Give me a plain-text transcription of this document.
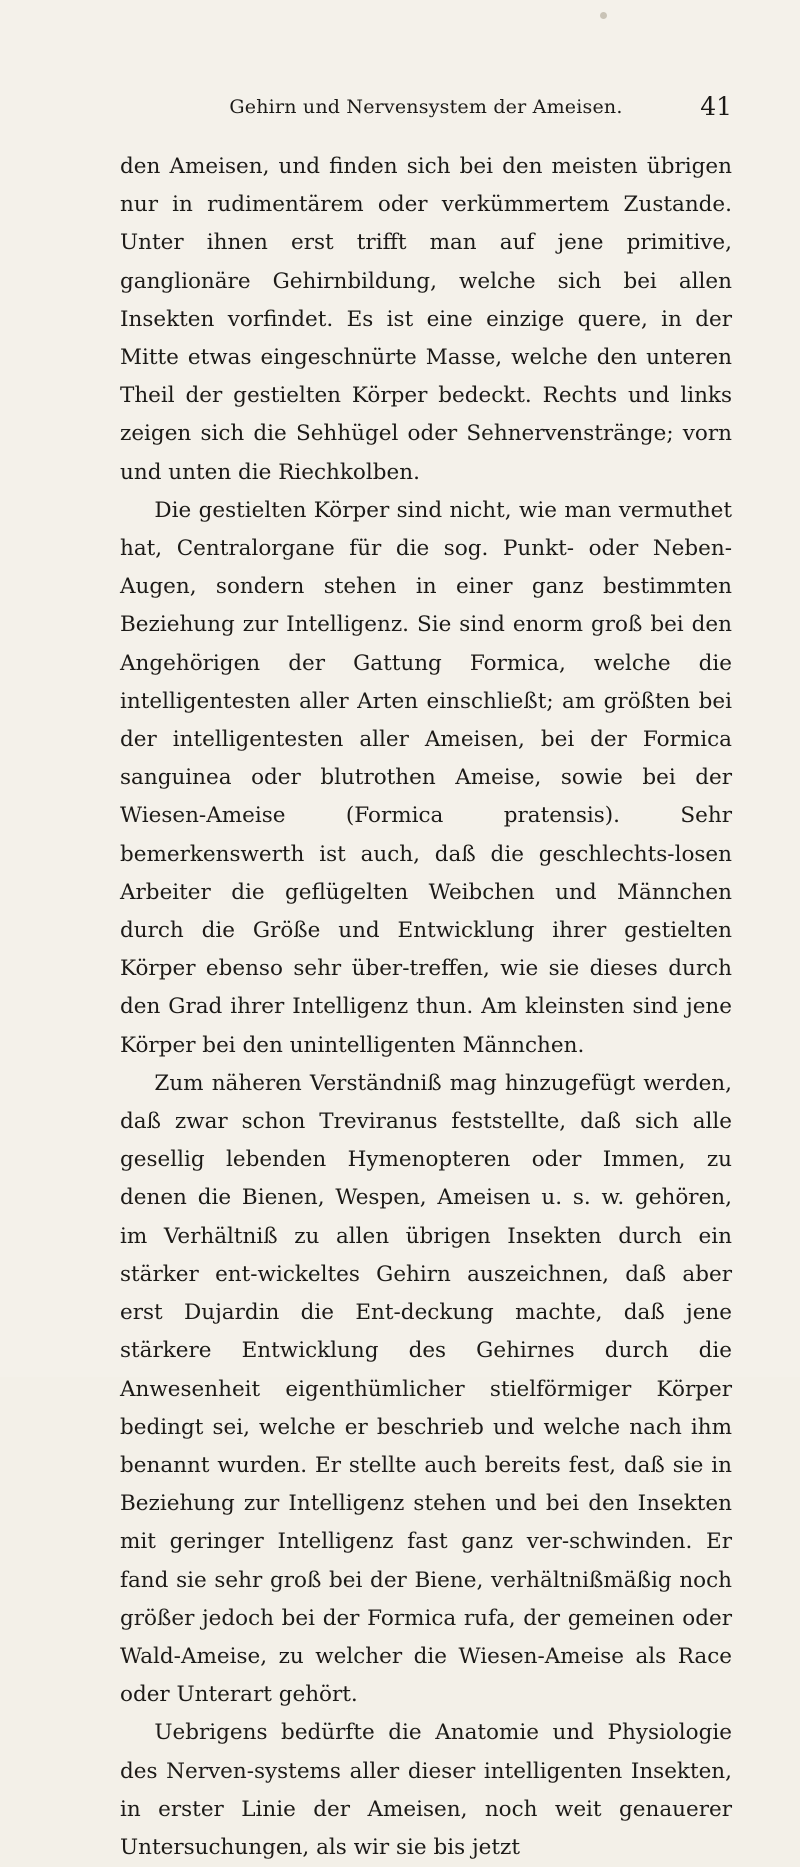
Gehirn und Nervensystem der Ameisen.	41

den Ameisen, und finden sich bei den meisten übrigen nur in rudimentärem oder verkümmertem Zustande. Unter ihnen erst trifft man auf jene primitive, ganglionäre Gehirnbildung, welche sich bei allen Insekten vorfindet. Es ist eine einzige quere, in der Mitte etwas eingeschnürte Masse, welche den unteren Theil der gestielten Körper bedeckt. Rechts und links zeigen sich die Sehhügel oder Sehnervenstränge; vorn und unten die Riechkolben.

Die gestielten Körper sind nicht, wie man vermuthet hat, Centralorgane für die sog. Punkt- oder Neben-Augen, sondern stehen in einer ganz bestimmten Beziehung zur Intelligenz. Sie sind enorm groß bei den Angehörigen der Gattung Formica, welche die intelligentesten aller Arten einschließt; am größten bei der intelligentesten aller Ameisen, bei der Formica sanguinea oder blutrothen Ameise, sowie bei der Wiesen-Ameise (Formica pratensis). Sehr bemerkenswerth ist auch, daß die geschlechts-losen Arbeiter die geflügelten Weibchen und Männchen durch die Größe und Entwicklung ihrer gestielten Körper ebenso sehr über-treffen, wie sie dieses durch den Grad ihrer Intelligenz thun. Am kleinsten sind jene Körper bei den unintelligenten Männchen.

Zum näheren Verständniß mag hinzugefügt werden, daß zwar schon Treviranus feststellte, daß sich alle gesellig lebenden Hymenopteren oder Immen, zu denen die Bienen, Wespen, Ameisen u. s. w. gehören, im Verhältniß zu allen übrigen Insekten durch ein stärker ent-wickeltes Gehirn auszeichnen, daß aber erst Dujardin die Ent-deckung machte, daß jene stärkere Entwicklung des Gehirnes durch die Anwesenheit eigenthümlicher stielförmiger Körper bedingt sei, welche er beschrieb und welche nach ihm benannt wurden. Er stellte auch bereits fest, daß sie in Beziehung zur Intelligenz stehen und bei den Insekten mit geringer Intelligenz fast ganz ver-schwinden. Er fand sie sehr groß bei der Biene, verhältnißmäßig noch größer jedoch bei der Formica rufa, der gemeinen oder Wald-Ameise, zu welcher die Wiesen-Ameise als Race oder Unterart gehört.

Uebrigens bedürfte die Anatomie und Physiologie des Nerven-systems aller dieser intelligenten Insekten, in erster Linie der Ameisen, noch weit genauerer Untersuchungen, als wir sie bis jetzt
